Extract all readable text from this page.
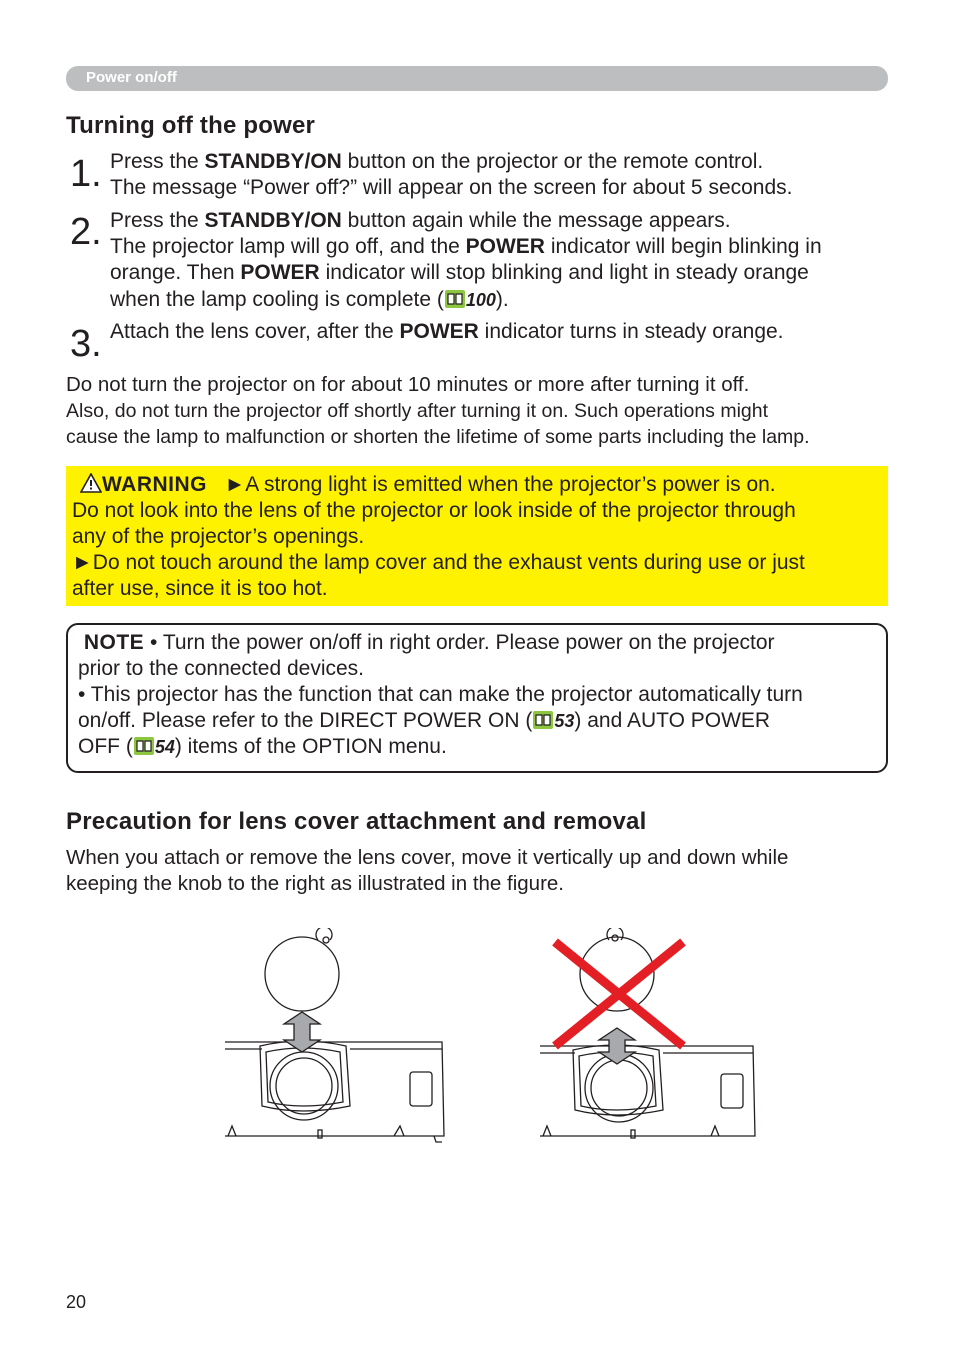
Power on/off
Turning off the power
1. Press the STANDBY/ON button on the projector or the remote control.

The message “Power off?” will appear on the screen for about 5 seconds.

2. Press the STANDBY/ON button again while the message appears.

The projector lamp will go off, and the POWER indicator will begin blinking in

orange. Then POWER indicator will stop blinking and light in steady orange

when the lamp cooling is complete ( 100).

3. Attach the lens cover, after the POWER indicator turns in steady orange.

Do not turn the projector on for about 10 minutes or more after turning it off.

Also, do not turn the projector off shortly after turning it on. Such operations might

cause the lamp to malfunction or shorten the lifetime of some parts including the lamp.

WARNING ►A strong light is emitted when the projector’s power is on.
Do not look into the lens of the projector or look inside of the projector through
any of the projector’s openings.
►Do not touch around the lamp cover and the exhaust vents during use or just
after use, since it is too hot.

NOTE • Turn the power on/off in right order. Please power on the projector
prior to the connected devices.
• This projector has the function that can make the projector automatically turn
on/off. Please refer to the DIRECT POWER ON ( 53) and AUTO POWER
OFF ( 54) items of the OPTION menu.

Precaution for lens cover attachment and removal

When you attach or remove the lens cover, move it vertically up and down while

keeping the knob to the right as illustrated in the figure.

20
